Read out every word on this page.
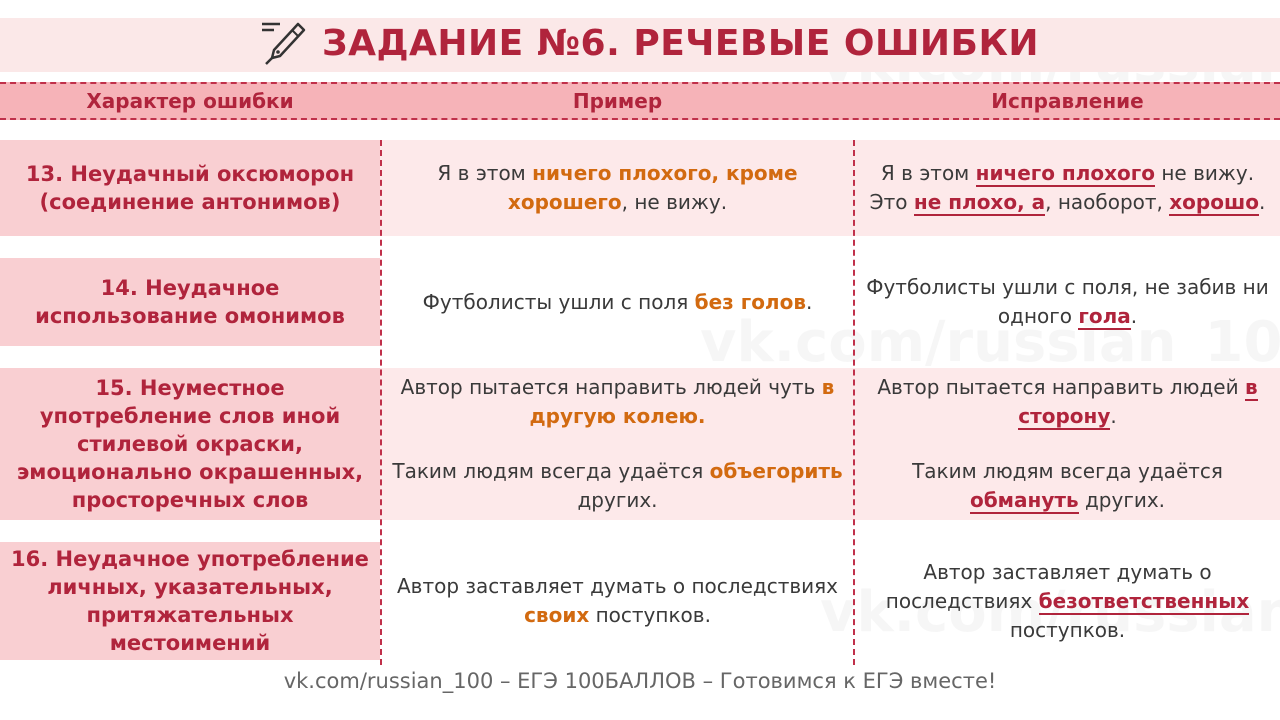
ЗАДАНИЕ №6. РЕЧЕВЫЕ ОШИБКИ
Характер ошибки	Пример	Исправление
13. Неудачный оксюморон
(соединение антонимов)

Я в этом ничего плохого, кроме хорошего, не вижу.

Я в этом ничего плохого не вижу. Это не плохо, а, наоборот, хорошо.

14. Неудачное
использование омонимов

Футболисты ушли с поля без голов.

Футболисты ушли с поля, не забив ни одного гола.

15. Неуместное
употребление слов иной
стилевой окраски,
эмоционально окрашенных,
просторечных слов

Автор пытается направить людей чуть в другую колею.

Таким людям всегда удаётся объегорить других.

Автор пытается направить людей в сторону.

Таким людям всегда удаётся обмануть других.

16. Неудачное употребление
личных, указательных,
притяжательных
местоимений

Автор заставляет думать о последствиях своих поступков.

Автор заставляет думать о последствиях безответственных поступков.

vk.com/russian_100 – ЕГЭ 100БАЛЛОВ – Готовимся к ЕГЭ вместе!
